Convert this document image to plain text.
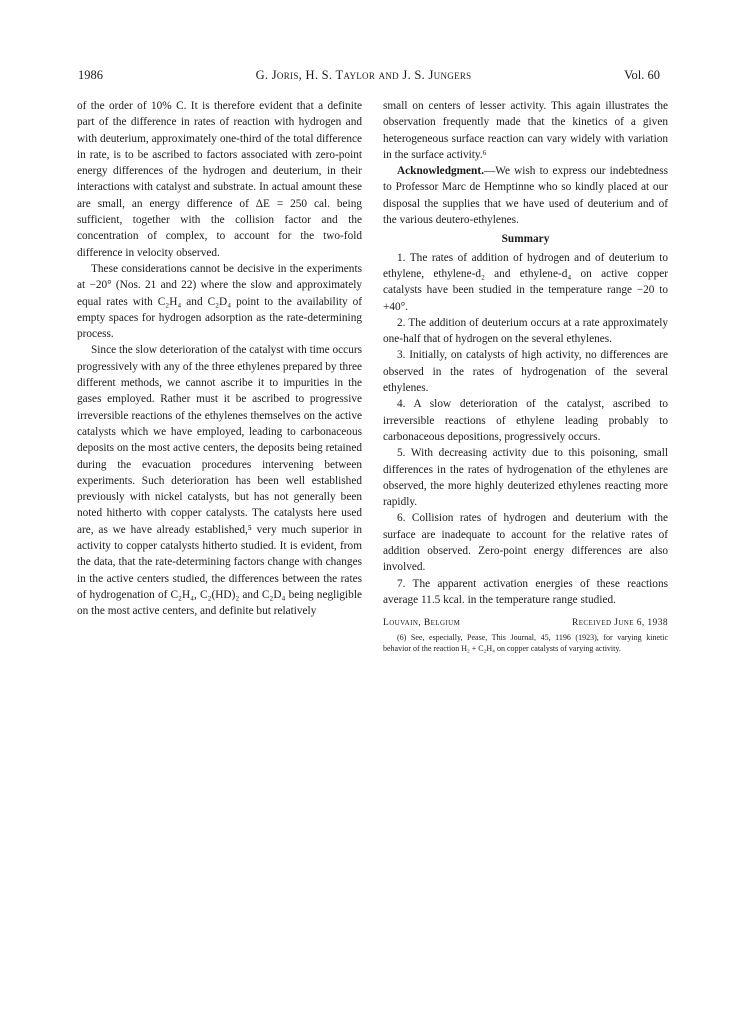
1986	G. Joris, H. S. Taylor and J. S. Jungers	Vol. 60

of the order of 10% C. It is therefore evident that a definite part of the difference in rates of reaction with hydrogen and with deuterium, approximately one-third of the total difference in rate, is to be ascribed to factors associated with zero-point energy differences of the hydrogen and deuterium, in their interactions with catalyst and substrate. In actual amount these are small, an energy difference of ΔE = 250 cal. being sufficient, together with the collision factor and the concentration of complex, to account for the two-fold difference in velocity observed.

These considerations cannot be decisive in the experiments at −20° (Nos. 21 and 22) where the slow and approximately equal rates with C₂H₄ and C₂D₄ point to the availability of empty spaces for hydrogen adsorption as the rate-determining process.

Since the slow deterioration of the catalyst with time occurs progressively with any of the three ethylenes prepared by three different methods, we cannot ascribe it to impurities in the gases employed. Rather must it be ascribed to progressive irreversible reactions of the ethylenes themselves on the active catalysts which we have employed, leading to carbonaceous deposits on the most active centers, the deposits being retained during the evacuation procedures intervening between experiments. Such deterioration has been well established previously with nickel catalysts, but has not generally been noted hitherto with copper catalysts. The catalysts here used are, as we have already established,⁵ very much superior in activity to copper catalysts hitherto studied. It is evident, from the data, that the rate-determining factors change with changes in the active centers studied, the differences between the rates of hydrogenation of C₂H₄, C₂(HD)₂ and C₂D₄ being negligible on the most active centers, and definite but relatively

small on centers of lesser activity. This again illustrates the observation frequently made that the kinetics of a given heterogeneous surface reaction can vary widely with variation in the surface activity.⁶

Acknowledgment.—We wish to express our indebtedness to Professor Marc de Hemptinne who so kindly placed at our disposal the supplies that we have used of deuterium and of the various deutero-ethylenes.

Summary

1. The rates of addition of hydrogen and of deuterium to ethylene, ethylene-d₂ and ethylene-d₄ on active copper catalysts have been studied in the temperature range −20 to +40°.

2. The addition of deuterium occurs at a rate approximately one-half that of hydrogen on the several ethylenes.

3. Initially, on catalysts of high activity, no differences are observed in the rates of hydrogenation of the several ethylenes.

4. A slow deterioration of the catalyst, ascribed to irreversible reactions of ethylene leading probably to carbonaceous depositions, progressively occurs.

5. With decreasing activity due to this poisoning, small differences in the rates of hydrogenation of the ethylenes are observed, the more highly deuterized ethylenes reacting more rapidly.

6. Collision rates of hydrogen and deuterium with the surface are inadequate to account for the relative rates of addition observed. Zero-point energy differences are also involved.

7. The apparent activation energies of these reactions average 11.5 kcal. in the temperature range studied.

Louvain, Belgium	Received June 6, 1938

(6) See, especially, Pease, This Journal, 45, 1196 (1923), for varying kinetic behavior of the reaction H₂ + C₂H₄ on copper catalysts of varying activity.
